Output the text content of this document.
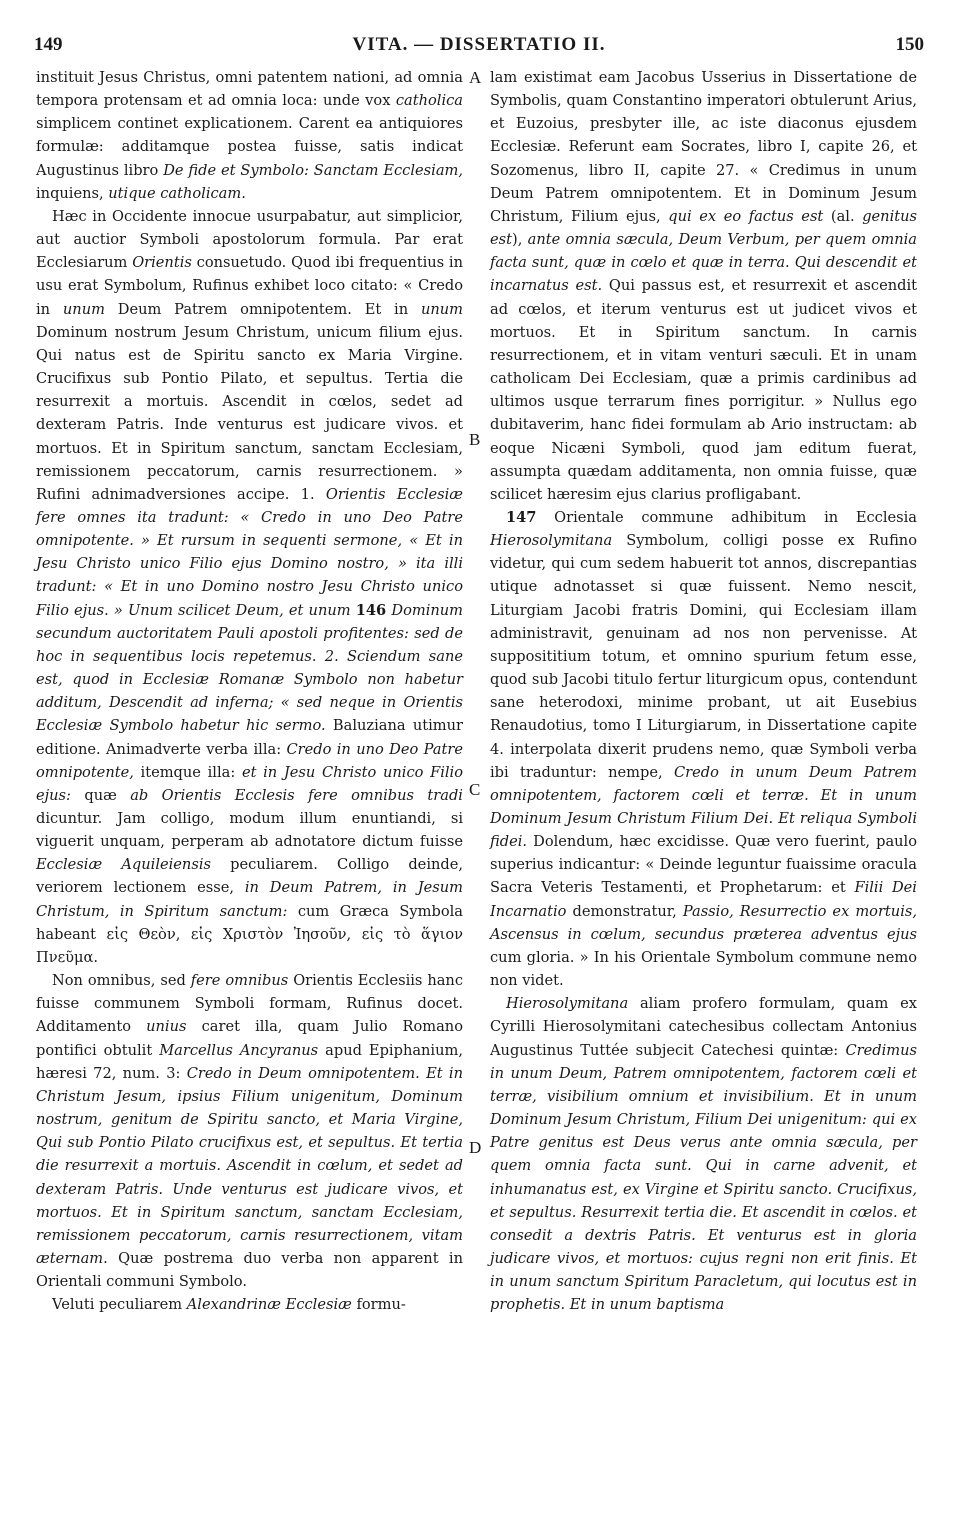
149	VITA. — DISSERTATIO II.	150

instituit Jesus Christus, omni patentem nationi, ad omnia tempora protensam et ad omnia loca: unde vox catholica simplicem continet explicationem. Carent ea antiquiores formulæ: additamque postea fuisse, satis indicat Augustinus libro De fide et Symbolo: Sanctam Ecclesiam, inquiens, utique catholicam.

Hæc in Occidente innocue usurpabatur, aut simplicior, aut auctior Symboli apostolorum formula. Par erat Ecclesiarum Orientis consuetudo. Quod ibi frequentius in usu erat Symbolum, Rufinus exhibet loco citato: « Credo in unum Deum Patrem omnipotentem. Et in unum Dominum nostrum Jesum Christum, unicum filium ejus. Qui natus est de Spiritu sancto ex Maria Virgine. Crucifixus sub Pontio Pilato, et sepultus. Tertia die resurrexit a mortuis. Ascendit in cœlos, sedet ad dexteram Patris. Inde venturus est judicare vivos. et mortuos. Et in Spiritum sanctum, sanctam Ecclesiam, remissionem peccatorum, carnis resurrectionem. » Rufini adnimadversiones accipe. 1. Orientis Ecclesiæ fere omnes ita tradunt: « Credo in uno Deo Patre omnipotente. » Et rursum in sequenti sermone, « Et in Jesu Christo unico Filio ejus Domino nostro, » ita illi tradunt: « Et in uno Domino nostro Jesu Christo unico Filio ejus. » Unum scilicet Deum, et unum 146 Dominum secundum auctoritatem Pauli apostoli profitentes: sed de hoc in sequentibus locis repetemus. 2. Sciendum sane est, quod in Ecclesiæ Romanæ Symbolo non habetur additum, Descendit ad inferna; « sed neque in Orientis Ecclesiæ Symbolo habetur hic sermo. Baluziana utimur editione. Animadverte verba illa: Credo in uno Deo Patre omnipotente, itemque illa: et in Jesu Christo unico Filio ejus: quæ ab Orientis Ecclesis fere omnibus tradi dicuntur. Jam colligo, modum illum enuntiandi, si viguerit unquam, perperam ab adnotatore dictum fuisse Ecclesiæ Aquileiensis peculiarem. Colligo deinde, veriorem lectionem esse, in Deum Patrem, in Jesum Christum, in Spiritum sanctum: cum Græca Symbola habeant εἰς Θεὸν, εἰς Χριστὸν Ἰησοῦν, εἰς τὸ ἅγιον Πνεῦμα.

Non omnibus, sed fere omnibus Orientis Ecclesiis hanc fuisse communem Symboli formam, Rufinus docet. Additamento unius caret illa, quam Julio Romano pontifici obtulit Marcellus Ancyranus apud Epiphanium, hæresi 72, num. 3: Credo in Deum omnipotentem. Et in Christum Jesum, ipsius Filium unigenitum, Dominum nostrum, genitum de Spiritu sancto, et Maria Virgine, Qui sub Pontio Pilato crucifixus est, et sepultus. Et tertia die resurrexit a mortuis. Ascendit in cœlum, et sedet ad dexteram Patris. Unde venturus est judicare vivos, et mortuos. Et in Spiritum sanctum, sanctam Ecclesiam, remissionem peccatorum, carnis resurrectionem, vitam æternam. Quæ postrema duo verba non apparent in Orientali communi Symbolo.

Veluti peculiarem Alexandrinæ Ecclesiæ formu-

lam existimat eam Jacobus Usserius in Dissertatione de Symbolis, quam Constantino imperatori obtulerunt Arius, et Euzoius, presbyter ille, ac iste diaconus ejusdem Ecclesiæ. Referunt eam Socrates, libro I, capite 26, et Sozomenus, libro II, capite 27. « Credimus in unum Deum Patrem omnipotentem. Et in Dominum Jesum Christum, Filium ejus, qui ex eo factus est (al. genitus est), ante omnia sæcula, Deum Verbum, per quem omnia facta sunt, quæ in cœlo et quæ in terra. Qui descendit et incarnatus est. Qui passus est, et resurrexit et ascendit ad cœlos, et iterum venturus est ut judicet vivos et mortuos. Et in Spiritum sanctum. In carnis resurrectionem, et in vitam venturi sæculi. Et in unam catholicam Dei Ecclesiam, quæ a primis cardinibus ad ultimos usque terrarum fines porrigitur. » Nullus ego dubitaverim, hanc fidei formulam ab Ario instructam: ab eoque Nicæni Symboli, quod jam editum fuerat, assumpta quædam additamenta, non omnia fuisse, quæ scilicet hæresim ejus clarius profligabant.

147 Orientale commune adhibitum in Ecclesia Hierosolymitana Symbolum, colligi posse ex Rufino videtur, qui cum sedem habuerit tot annos, discrepantias utique adnotasset si quæ fuissent. Nemo nescit, Liturgiam Jacobi fratris Domini, qui Ecclesiam illam administravit, genuinam ad nos non pervenisse. At supposititium totum, et omnino spurium fetum esse, quod sub Jacobi titulo fertur liturgicum opus, contendunt sane heterodoxi, minime probant, ut ait Eusebius Renaudotius, tomo I Liturgiarum, in Dissertatione capite 4. interpolata dixerit prudens nemo, quæ Symboli verba ibi traduntur: nempe, Credo in unum Deum Patrem omnipotentem, factorem cœli et terræ. Et in unum Dominum Jesum Christum Filium Dei. Et reliqua Symboli fidei. Dolendum, hæc excidisse. Quæ vero fuerint, paulo superius indicantur: « Deinde leguntur fuaissime oracula Sacra Veteris Testamenti, et Prophetarum: et Filii Dei Incarnatio demonstratur, Passio, Resurrectio ex mortuis, Ascensus in cœlum, secundus præterea adventus ejus cum gloria. » In his Orientale Symbolum commune nemo non videt.

Hierosolymitana aliam profero formulam, quam ex Cyrilli Hierosolymitani catechesibus collectam Antonius Augustinus Tuttée subjecit Catechesi quintæ: Credimus in unum Deum, Patrem omnipotentem, factorem cœli et terræ, visibilium omnium et invisibilium. Et in unum Dominum Jesum Christum, Filium Dei unigenitum: qui ex Patre genitus est Deus verus ante omnia sæcula, per quem omnia facta sunt. Qui in carne advenit, et inhumanatus est, ex Virgine et Spiritu sancto. Crucifixus, et sepultus. Resurrexit tertia die. Et ascendit in cœlos. et consedit a dextris Patris. Et venturus est in gloria judicare vivos, et mortuos: cujus regni non erit finis. Et in unum sanctum Spiritum Paracletum, qui locutus est in prophetis. Et in unum baptisma

A
B
C
D
